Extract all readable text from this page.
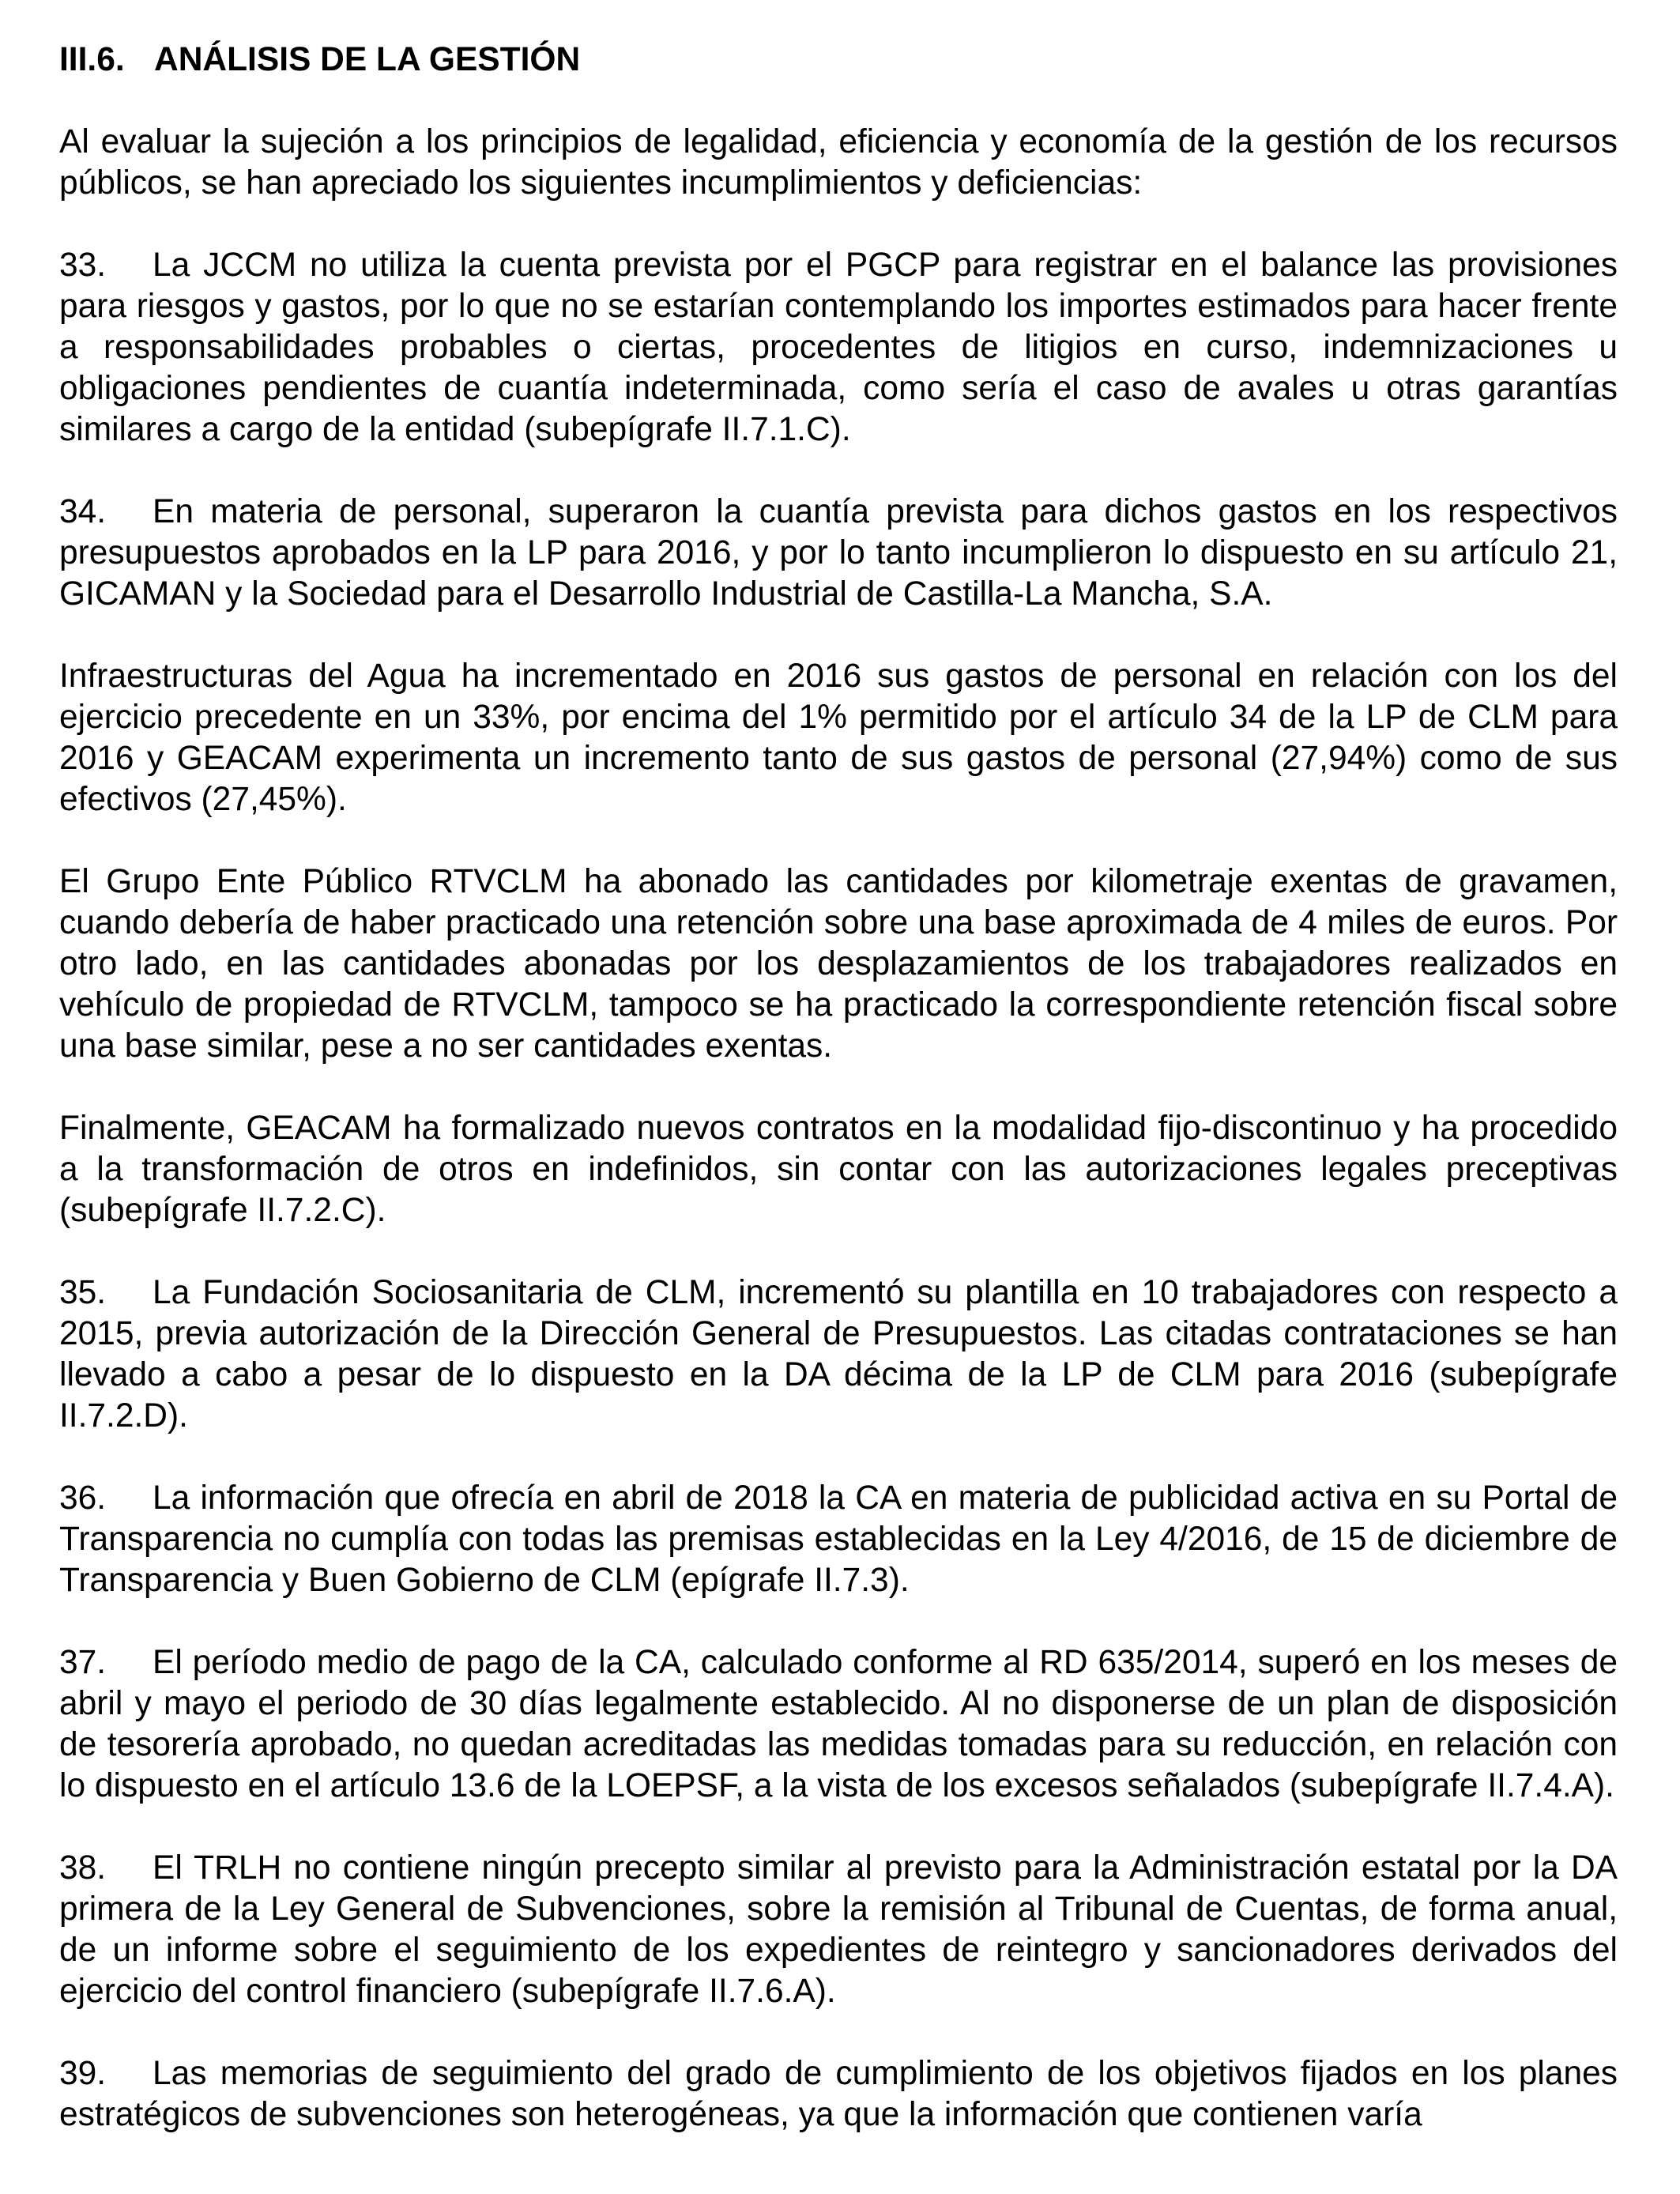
III.6. ANÁLISIS DE LA GESTIÓN

Al evaluar la sujeción a los principios de legalidad, eficiencia y economía de la gestión de los recursos públicos, se han apreciado los siguientes incumplimientos y deficiencias:

33. La JCCM no utiliza la cuenta prevista por el PGCP para registrar en el balance las provisiones para riesgos y gastos, por lo que no se estarían contemplando los importes estimados para hacer frente a responsabilidades probables o ciertas, procedentes de litigios en curso, indemnizaciones u obligaciones pendientes de cuantía indeterminada, como sería el caso de avales u otras garantías similares a cargo de la entidad (subepígrafe II.7.1.C).

34. En materia de personal, superaron la cuantía prevista para dichos gastos en los respectivos presupuestos aprobados en la LP para 2016, y por lo tanto incumplieron lo dispuesto en su artículo 21, GICAMAN y la Sociedad para el Desarrollo Industrial de Castilla-La Mancha, S.A.

Infraestructuras del Agua ha incrementado en 2016 sus gastos de personal en relación con los del ejercicio precedente en un 33%, por encima del 1% permitido por el artículo 34 de la LP de CLM para 2016 y GEACAM experimenta un incremento tanto de sus gastos de personal (27,94%) como de sus efectivos (27,45%).

El Grupo Ente Público RTVCLM ha abonado las cantidades por kilometraje exentas de gravamen, cuando debería de haber practicado una retención sobre una base aproximada de 4 miles de euros. Por otro lado, en las cantidades abonadas por los desplazamientos de los trabajadores realizados en vehículo de propiedad de RTVCLM, tampoco se ha practicado la correspondiente retención fiscal sobre una base similar, pese a no ser cantidades exentas.

Finalmente, GEACAM ha formalizado nuevos contratos en la modalidad fijo-discontinuo y ha procedido a la transformación de otros en indefinidos, sin contar con las autorizaciones legales preceptivas (subepígrafe II.7.2.C).

35. La Fundación Sociosanitaria de CLM, incrementó su plantilla en 10 trabajadores con respecto a 2015, previa autorización de la Dirección General de Presupuestos. Las citadas contrataciones se han llevado a cabo a pesar de lo dispuesto en la DA décima de la LP de CLM para 2016 (subepígrafe II.7.2.D).

36. La información que ofrecía en abril de 2018 la CA en materia de publicidad activa en su Portal de Transparencia no cumplía con todas las premisas establecidas en la Ley 4/2016, de 15 de diciembre de Transparencia y Buen Gobierno de CLM (epígrafe II.7.3).

37. El período medio de pago de la CA, calculado conforme al RD 635/2014, superó en los meses de abril y mayo el periodo de 30 días legalmente establecido. Al no disponerse de un plan de disposición de tesorería aprobado, no quedan acreditadas las medidas tomadas para su reducción, en relación con lo dispuesto en el artículo 13.6 de la LOEPSF, a la vista de los excesos señalados (subepígrafe II.7.4.A).

38. El TRLH no contiene ningún precepto similar al previsto para la Administración estatal por la DA primera de la Ley General de Subvenciones, sobre la remisión al Tribunal de Cuentas, de forma anual, de un informe sobre el seguimiento de los expedientes de reintegro y sancionadores derivados del ejercicio del control financiero (subepígrafe II.7.6.A).

39. Las memorias de seguimiento del grado de cumplimiento de los objetivos fijados en los planes estratégicos de subvenciones son heterogéneas, ya que la información que contienen varía
